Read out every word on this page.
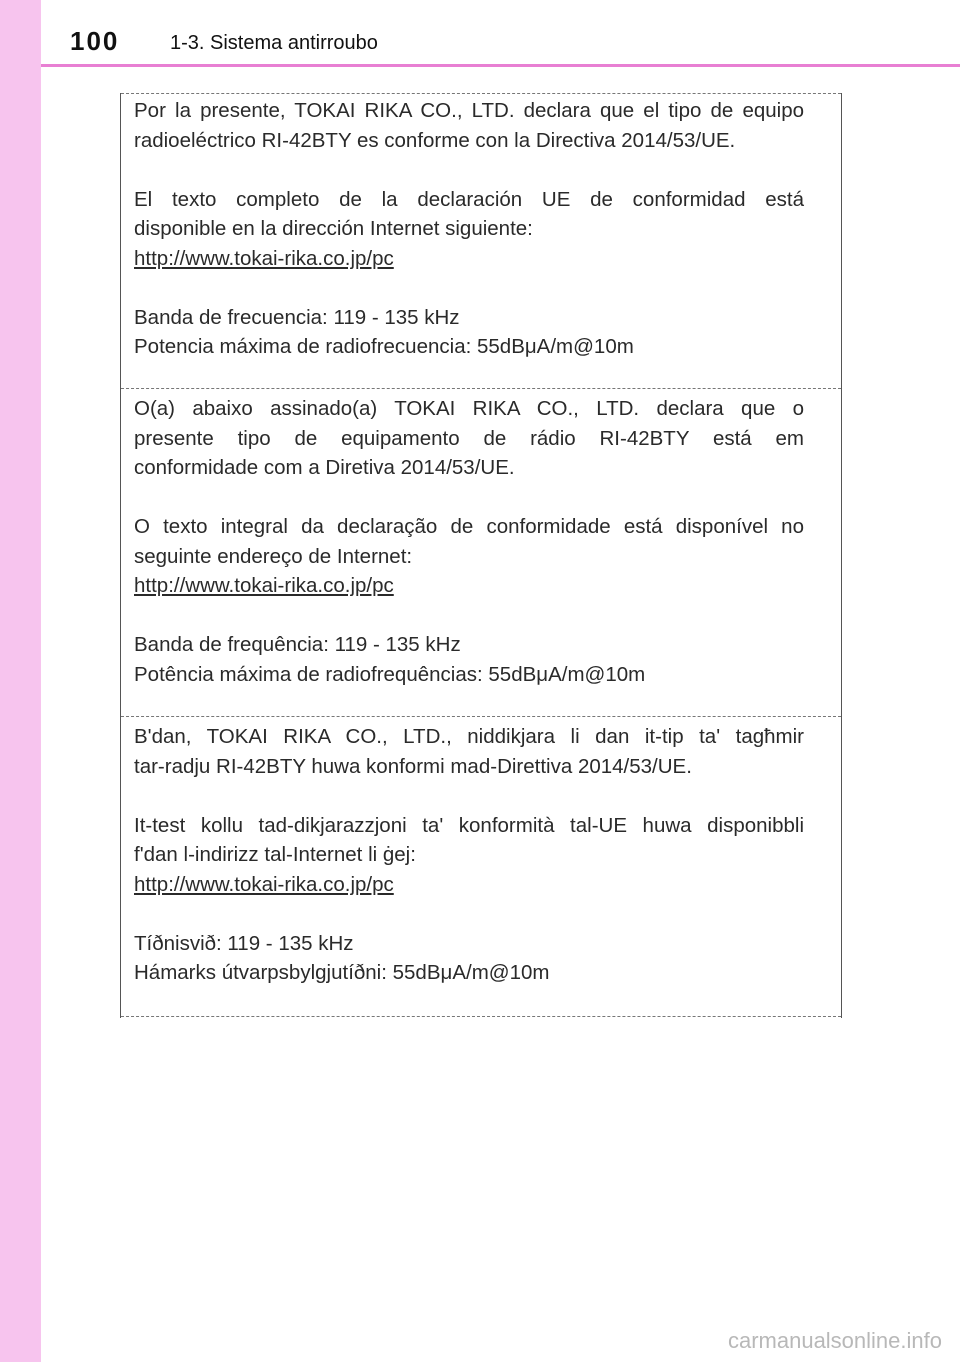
100	1-3. Sistema antirroubo

Por la presente, TOKAI RIKA CO., LTD. declara que el tipo de equipo

radioeléctrico RI-42BTY es conforme con la Directiva 2014/53/UE.

El texto completo de la declaración UE de conformidad está

disponible en la dirección Internet siguiente:

http://www.tokai-rika.co.jp/pc

Banda de frecuencia: 119 - 135 kHz

Potencia máxima de radiofrecuencia: 55dBμA/m@10m

O(a) abaixo assinado(a) TOKAI RIKA CO., LTD. declara que o

presente tipo de equipamento de rádio RI-42BTY está em

conformidade com a Diretiva 2014/53/UE.

O texto integral da declaração de conformidade está disponível no

seguinte endereço de Internet:

http://www.tokai-rika.co.jp/pc

Banda de frequência: 119 - 135 kHz

Potência máxima de radiofrequências: 55dBμA/m@10m

B'dan, TOKAI RIKA CO., LTD., niddikjara li dan it-tip ta' tagħmir

tar-radju RI-42BTY huwa konformi mad-Direttiva 2014/53/UE.

It-test kollu tad-dikjarazzjoni ta' konformità tal-UE huwa disponibbli

f'dan l-indirizz tal-Internet li ġej:

http://www.tokai-rika.co.jp/pc

Tíðnisvið: 119 - 135 kHz

Hámarks útvarpsbylgjutíðni: 55dBμA/m@10m

carmanualsonline.info
